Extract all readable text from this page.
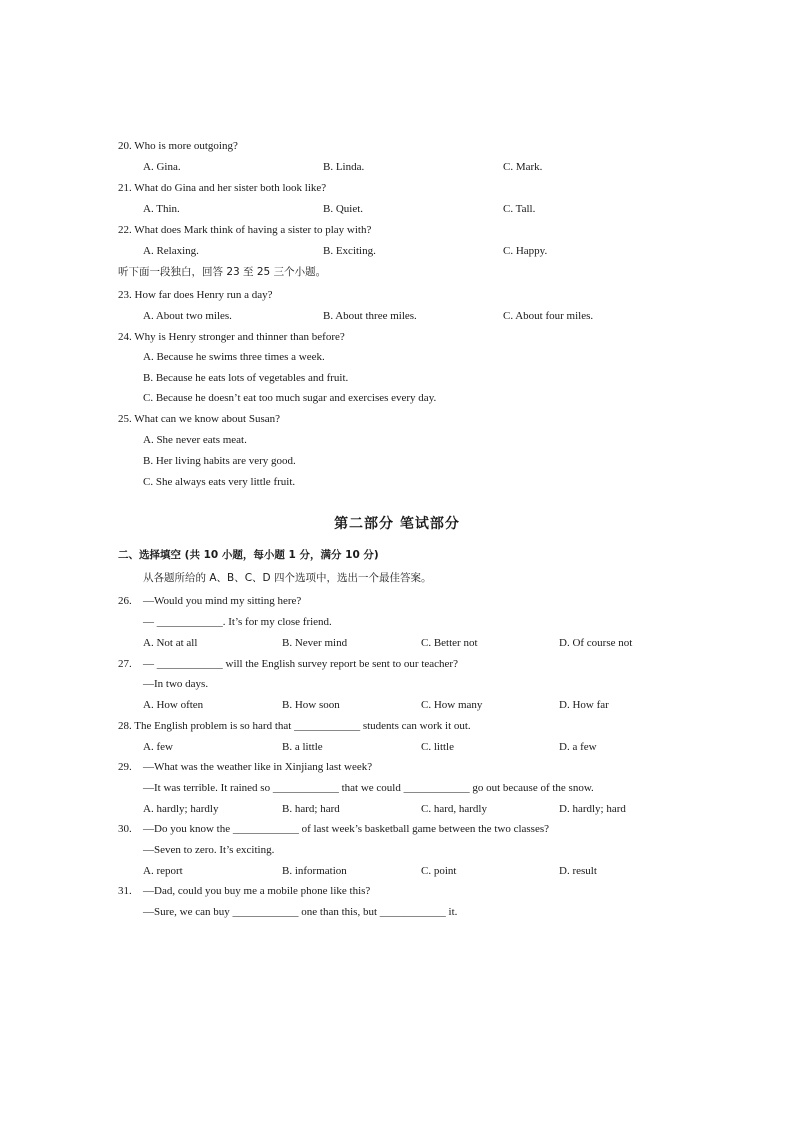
20. Who is more outgoing?
A. Gina.	B. Linda.	C. Mark.
21. What do Gina and her sister both look like?
A. Thin.	B. Quiet.	C. Tall.
22. What does Mark think of having a sister to play with?
A. Relaxing.	B. Exciting.	C. Happy.
听下面一段独白，回答 23 至 25 三个小题。
23. How far does Henry run a day?
A. About two miles.	B. About three miles.	C. About four miles.
24. Why is Henry stronger and thinner than before?
A. Because he swims three times a week.
B. Because he eats lots of vegetables and fruit.
C. Because he doesn’t eat too much sugar and exercises every day.
25. What can we know about Susan?
A. She never eats meat.
B. Her living habits are very good.
C. She always eats very little fruit.
第二部分 笔试部分
二、选择填空 (共 10 小题，每小题 1 分，满分 10 分)
从各题所给的 A、B、C、D 四个选项中，选出一个最佳答案。
26. —Would you mind my sitting here?
— ____________. It’s for my close friend.
A. Not at all	B. Never mind	C. Better not	D. Of course not
27. — ____________ will the English survey report be sent to our teacher?
—In two days.
A. How often	B. How soon	C. How many	D. How far
28. The English problem is so hard that ____________ students can work it out.
A. few	B. a little	C. little	D. a few
29. —What was the weather like in Xinjiang last week?
—It was terrible. It rained so ____________ that we could ____________ go out because of the snow.
A. hardly; hardly	B. hard; hard	C. hard, hardly	D. hardly; hard
30. —Do you know the ____________ of last week’s basketball game between the two classes?
—Seven to zero. It’s exciting.
A. report	B. information	C. point	D. result
31. —Dad, could you buy me a mobile phone like this?
—Sure, we can buy ____________ one than this, but ____________ it.
